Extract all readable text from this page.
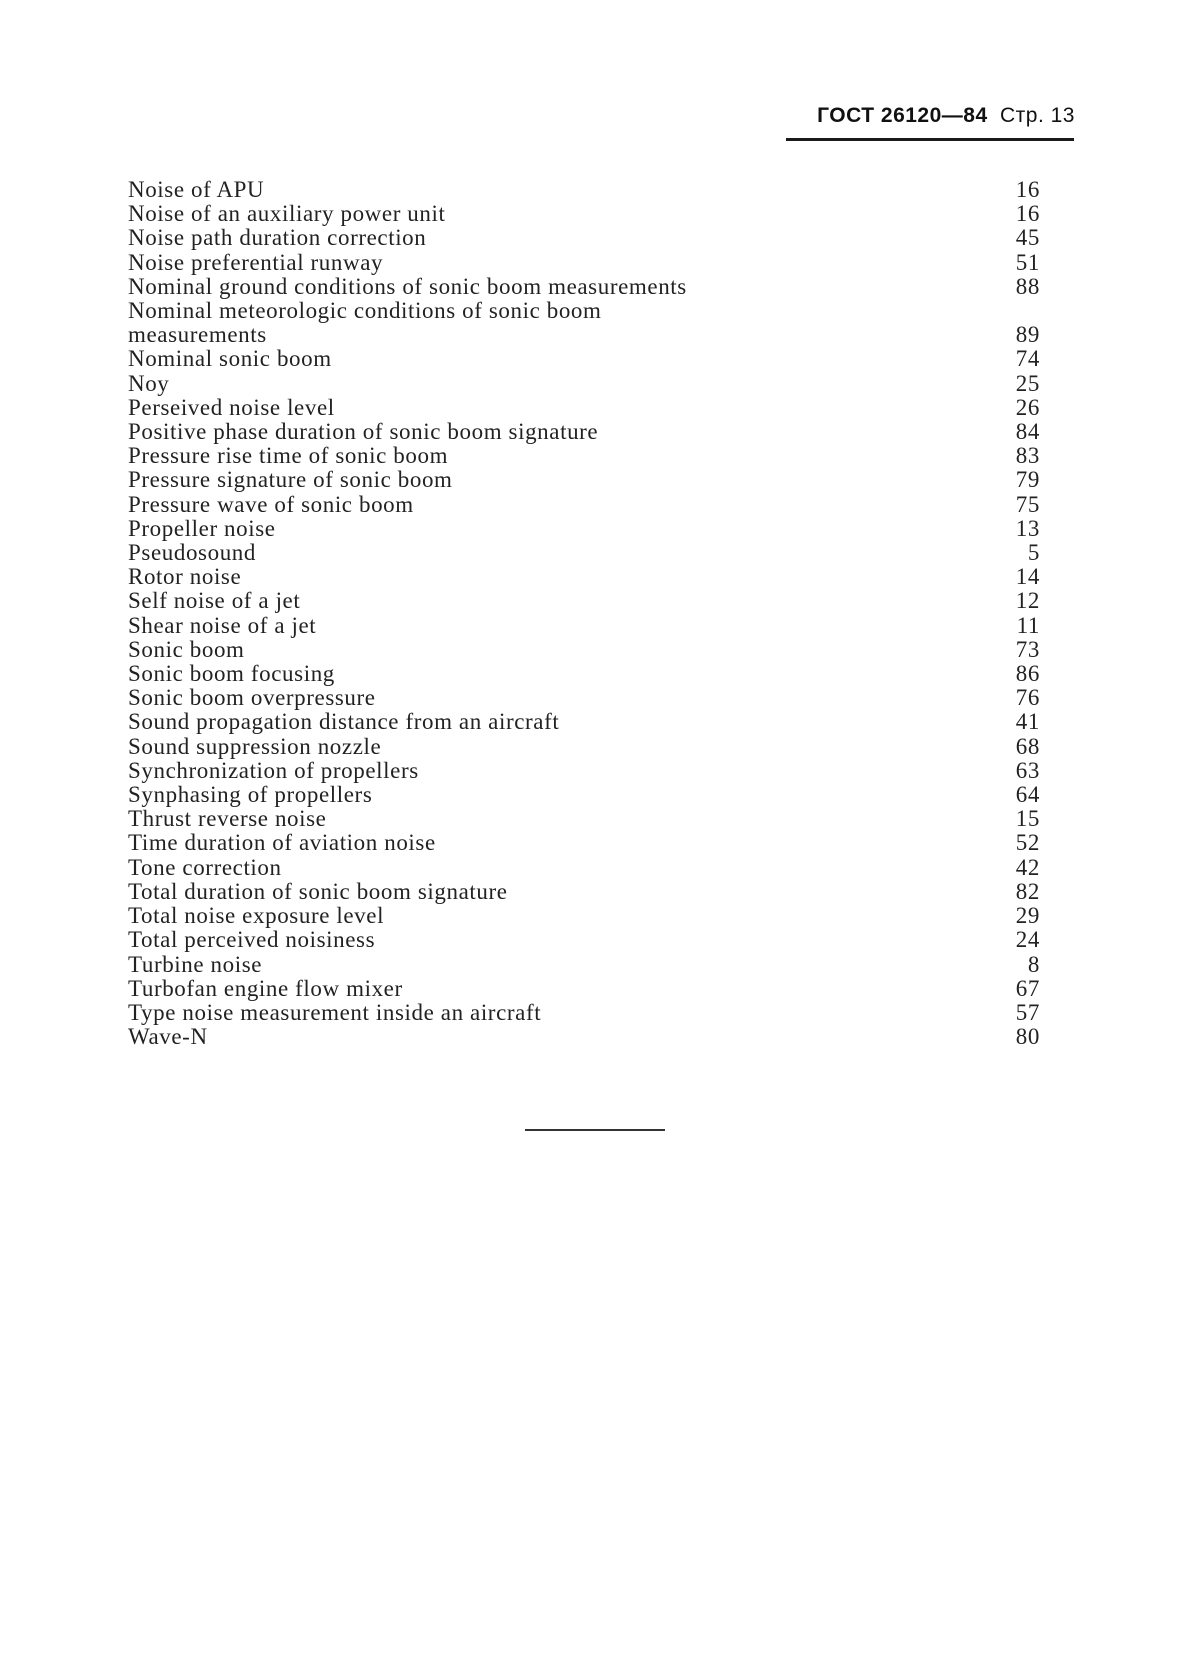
ГОСТ 26120—84 Стр. 13
Noise of APU	16
Noise of an auxiliary power unit	16
Noise path duration correction	45
Noise preferential runway	51
Nominal ground conditions of sonic boom measurements	88
Nominal meteorologic conditions of sonic boom
measurements	89
Nominal sonic boom	74
Noy	25
Perseived noise level	26
Positive phase duration of sonic boom signature	84
Pressure rise time of sonic boom	83
Pressure signature of sonic boom	79
Pressure wave of sonic boom	75
Propeller noise	13
Pseudosound	5
Rotor noise	14
Self noise of a jet	12
Shear noise of a jet	11
Sonic boom	73
Sonic boom focusing	86
Sonic boom overpressure	76
Sound propagation distance from an aircraft	41
Sound suppression nozzle	68
Synchronization of propellers	63
Synphasing of propellers	64
Thrust reverse noise	15
Time duration of aviation noise	52
Tone correction	42
Total duration of sonic boom signature	82
Total noise exposure level	29
Total perceived noisiness	24
Turbine noise	8
Turbofan engine flow mixer	67
Type noise measurement inside an aircraft	57
Wave-N	80
